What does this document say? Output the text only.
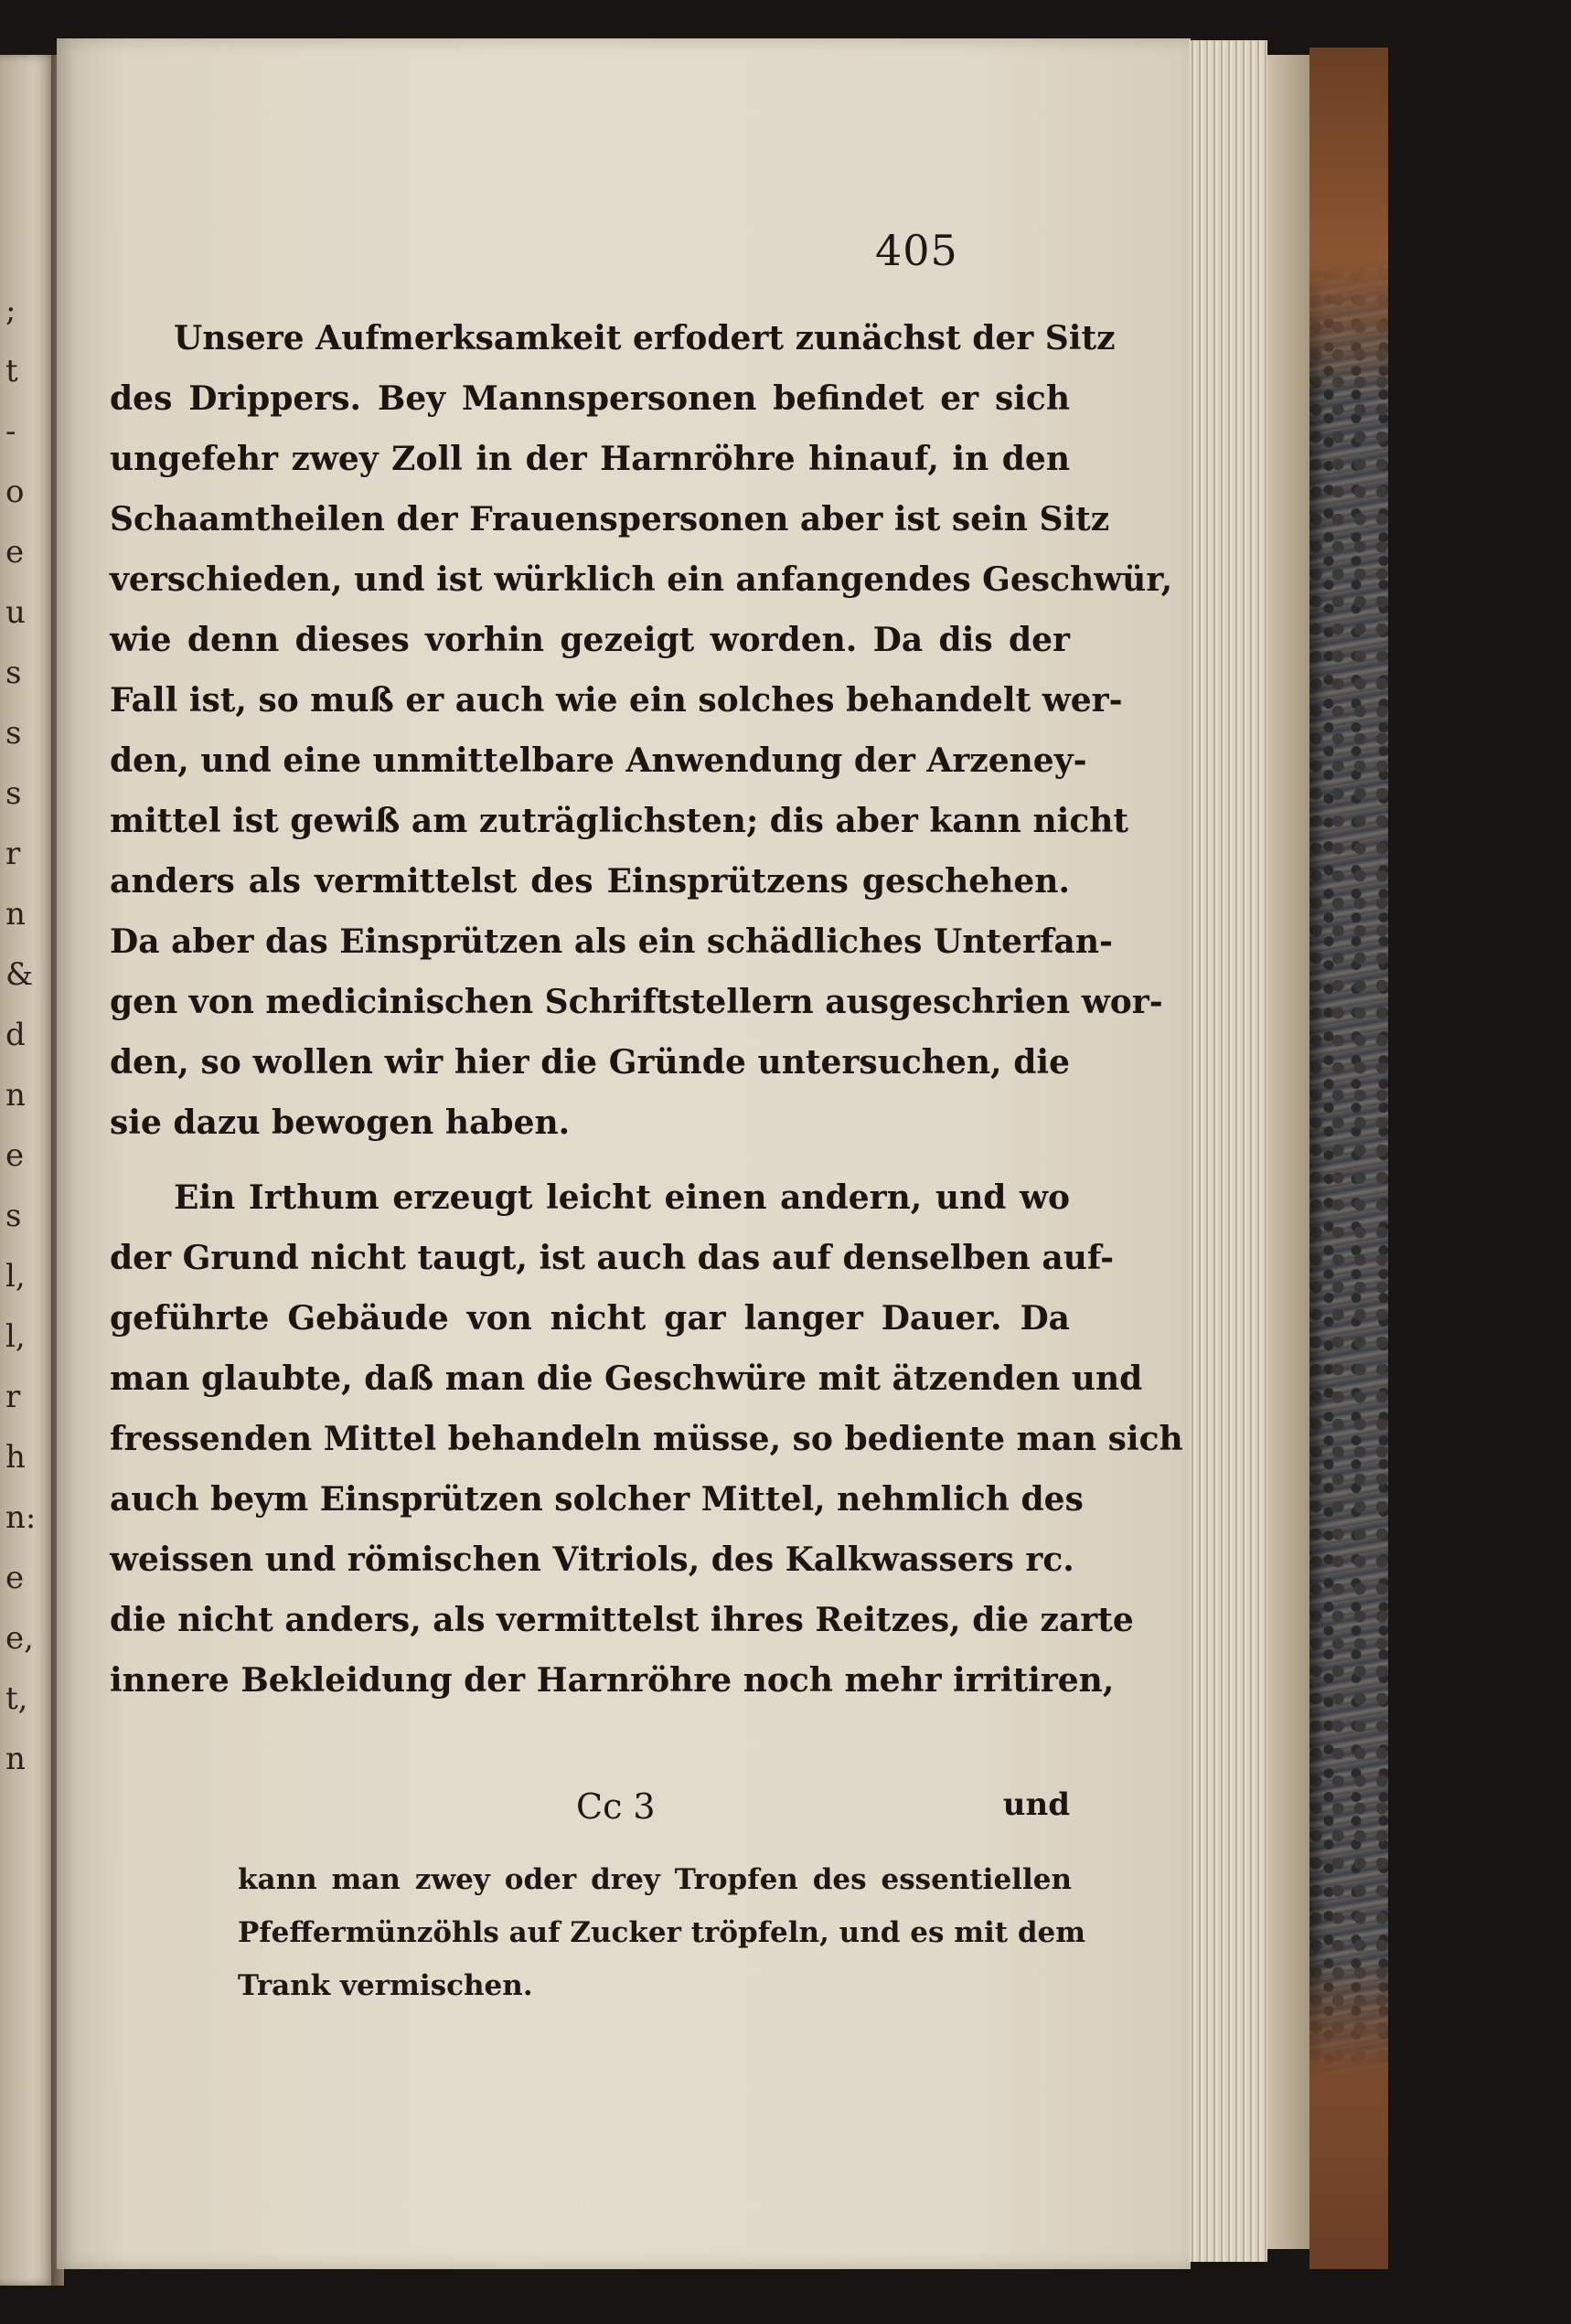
;
t
-
o
e
u
s
s
s
r
n
&
d
n
e
s
l,
l,
r
h
n:
e
e,
t,
n
405
Unsere Aufmerksamkeit erfodert zunächst der Sitz
des Drippers. Bey Mannspersonen befindet er sich
ungefehr zwey Zoll in der Harnröhre hinauf, in den
Schaamtheilen der Frauenspersonen aber ist sein Sitz
verschieden, und ist würklich ein anfangendes Geschwür,
wie denn dieses vorhin gezeigt worden. Da dis der
Fall ist, so muß er auch wie ein solches behandelt wer-
den, und eine unmittelbare Anwendung der Arzeney-
mittel ist gewiß am zuträglichsten; dis aber kann nicht
anders als vermittelst des Einsprützens geschehen.
Da aber das Einsprützen als ein schädliches Unterfan-
gen von medicinischen Schriftstellern ausgeschrien wor-
den, so wollen wir hier die Gründe untersuchen, die
sie dazu bewogen haben.
Ein Irthum erzeugt leicht einen andern, und wo
der Grund nicht taugt, ist auch das auf denselben auf-
geführte Gebäude von nicht gar langer Dauer. Da
man glaubte, daß man die Geschwüre mit ätzenden und
fressenden Mittel behandeln müsse, so bediente man sich
auch beym Einsprützen solcher Mittel, nehmlich des
weissen und römischen Vitriols, des Kalkwassers rc.
die nicht anders, als vermittelst ihres Reitzes, die zarte
innere Bekleidung der Harnröhre noch mehr irritiren,
Cc 3	und
kann man zwey oder drey Tropfen des essentiellen
Pfeffermünzöhls auf Zucker tröpfeln, und es mit dem
Trank vermischen.
